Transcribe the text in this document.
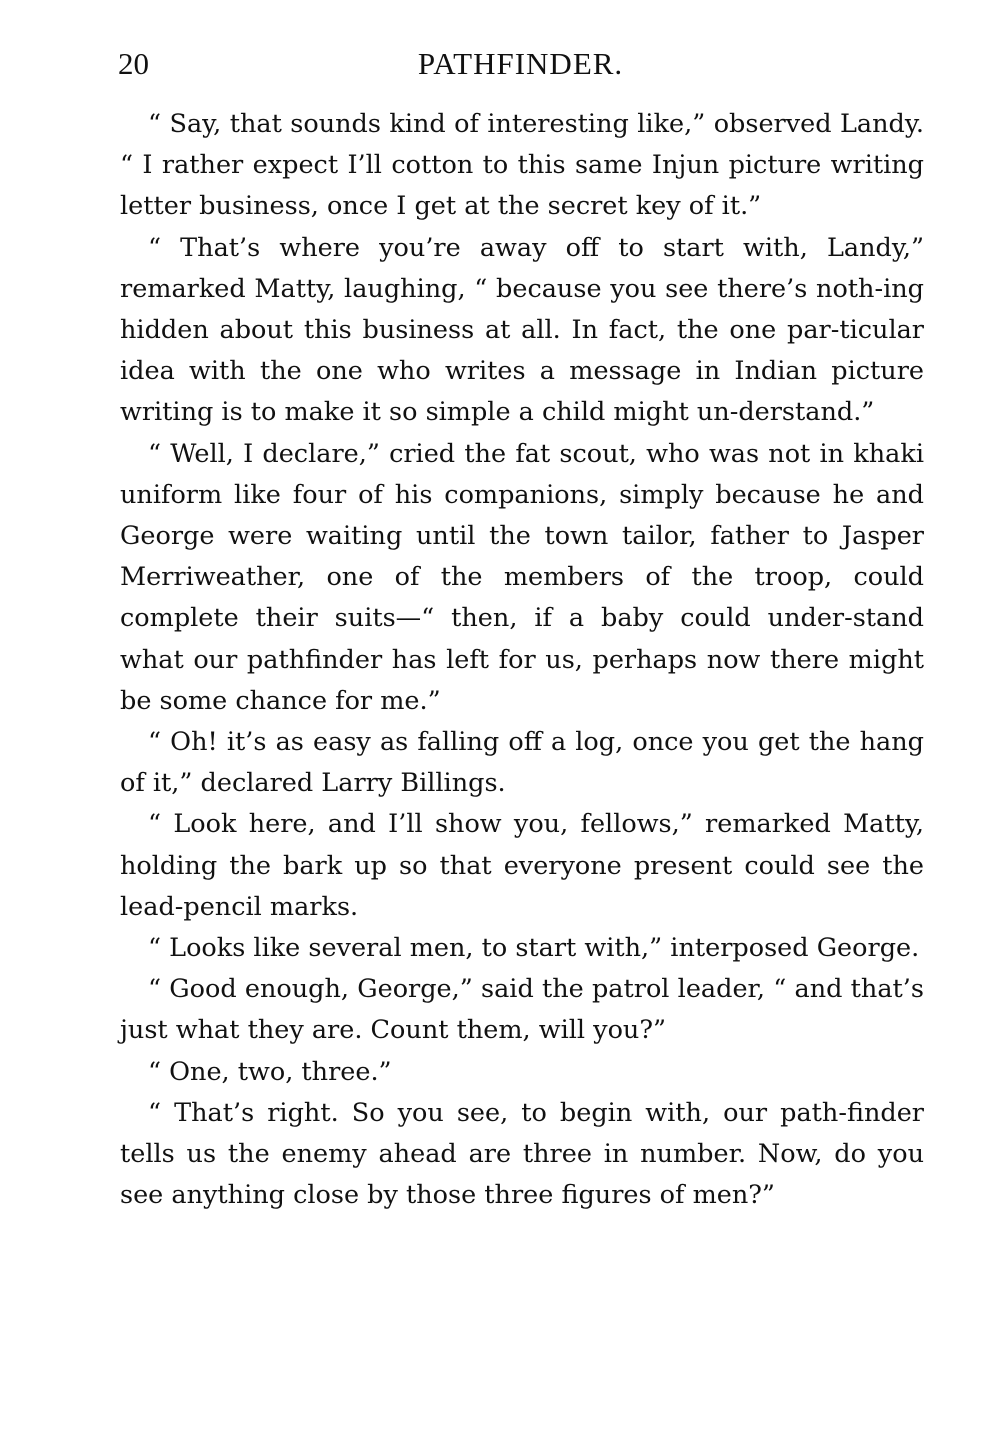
20	PATHFINDER.

“ Say, that sounds kind of interesting like,” observed Landy. “ I rather expect I’ll cotton to this same Injun picture writing letter business, once I get at the secret key of it.”

“ That’s where you’re away off to start with, Landy,” remarked Matty, laughing, “ because you see there’s noth-ing hidden about this business at all. In fact, the one par-ticular idea with the one who writes a message in Indian picture writing is to make it so simple a child might un-derstand.”

“ Well, I declare,” cried the fat scout, who was not in khaki uniform like four of his companions, simply because he and George were waiting until the town tailor, father to Jasper Merriweather, one of the members of the troop, could complete their suits—“ then, if a baby could under-stand what our pathfinder has left for us, perhaps now there might be some chance for me.”

“ Oh! it’s as easy as falling off a log, once you get the hang of it,” declared Larry Billings.

“ Look here, and I’ll show you, fellows,” remarked Matty, holding the bark up so that everyone present could see the lead-pencil marks.

“ Looks like several men, to start with,” interposed George.

“ Good enough, George,” said the patrol leader, “ and that’s just what they are. Count them, will you?”

“ One, two, three.”

“ That’s right. So you see, to begin with, our path-finder tells us the enemy ahead are three in number. Now, do you see anything close by those three figures of men?”
